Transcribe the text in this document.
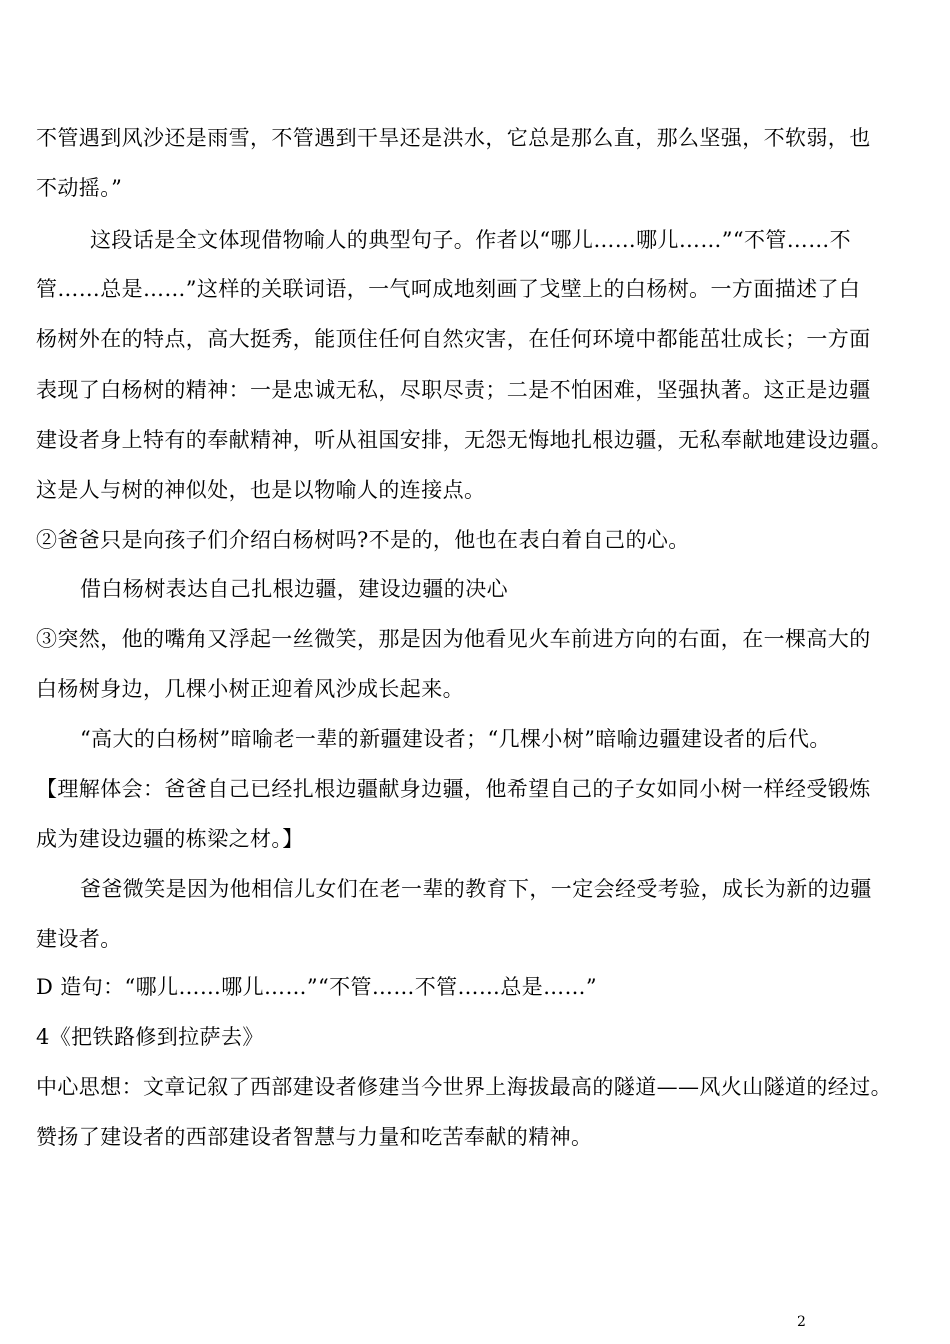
不管遇到风沙还是雨雪，不管遇到干旱还是洪水，它总是那么直，那么坚强，不软弱，也
不动摇。”
这段话是全文体现借物喻人的典型句子。作者以“哪儿……哪儿……”“不管……不
管……总是……”这样的关联词语，一气呵成地刻画了戈壁上的白杨树。一方面描述了白
杨树外在的特点，高大挺秀，能顶住任何自然灾害，在任何环境中都能茁壮成长；一方面
表现了白杨树的精神：一是忠诚无私，尽职尽责；二是不怕困难，坚强执著。这正是边疆
建设者身上特有的奉献精神，听从祖国安排，无怨无悔地扎根边疆，无私奉献地建设边疆。
这是人与树的神似处，也是以物喻人的连接点。
②爸爸只是向孩子们介绍白杨树吗?不是的，他也在表白着自己的心。
借白杨树表达自己扎根边疆，建设边疆的决心
③突然，他的嘴角又浮起一丝微笑，那是因为他看见火车前进方向的右面，在一棵高大的
白杨树身边，几棵小树正迎着风沙成长起来。
“高大的白杨树”暗喻老一辈的新疆建设者；“几棵小树”暗喻边疆建设者的后代。
【理解体会：爸爸自己已经扎根边疆献身边疆，他希望自己的子女如同小树一样经受锻炼
成为建设边疆的栋梁之材。】
爸爸微笑是因为他相信儿女们在老一辈的教育下，一定会经受考验，成长为新的边疆
建设者。
D 造句：“哪儿……哪儿……”“不管……不管……总是……”
4《把铁路修到拉萨去》
中心思想：文章记叙了西部建设者修建当今世界上海拔最高的隧道——风火山隧道的经过。
赞扬了建设者的西部建设者智慧与力量和吃苦奉献的精神。
2
